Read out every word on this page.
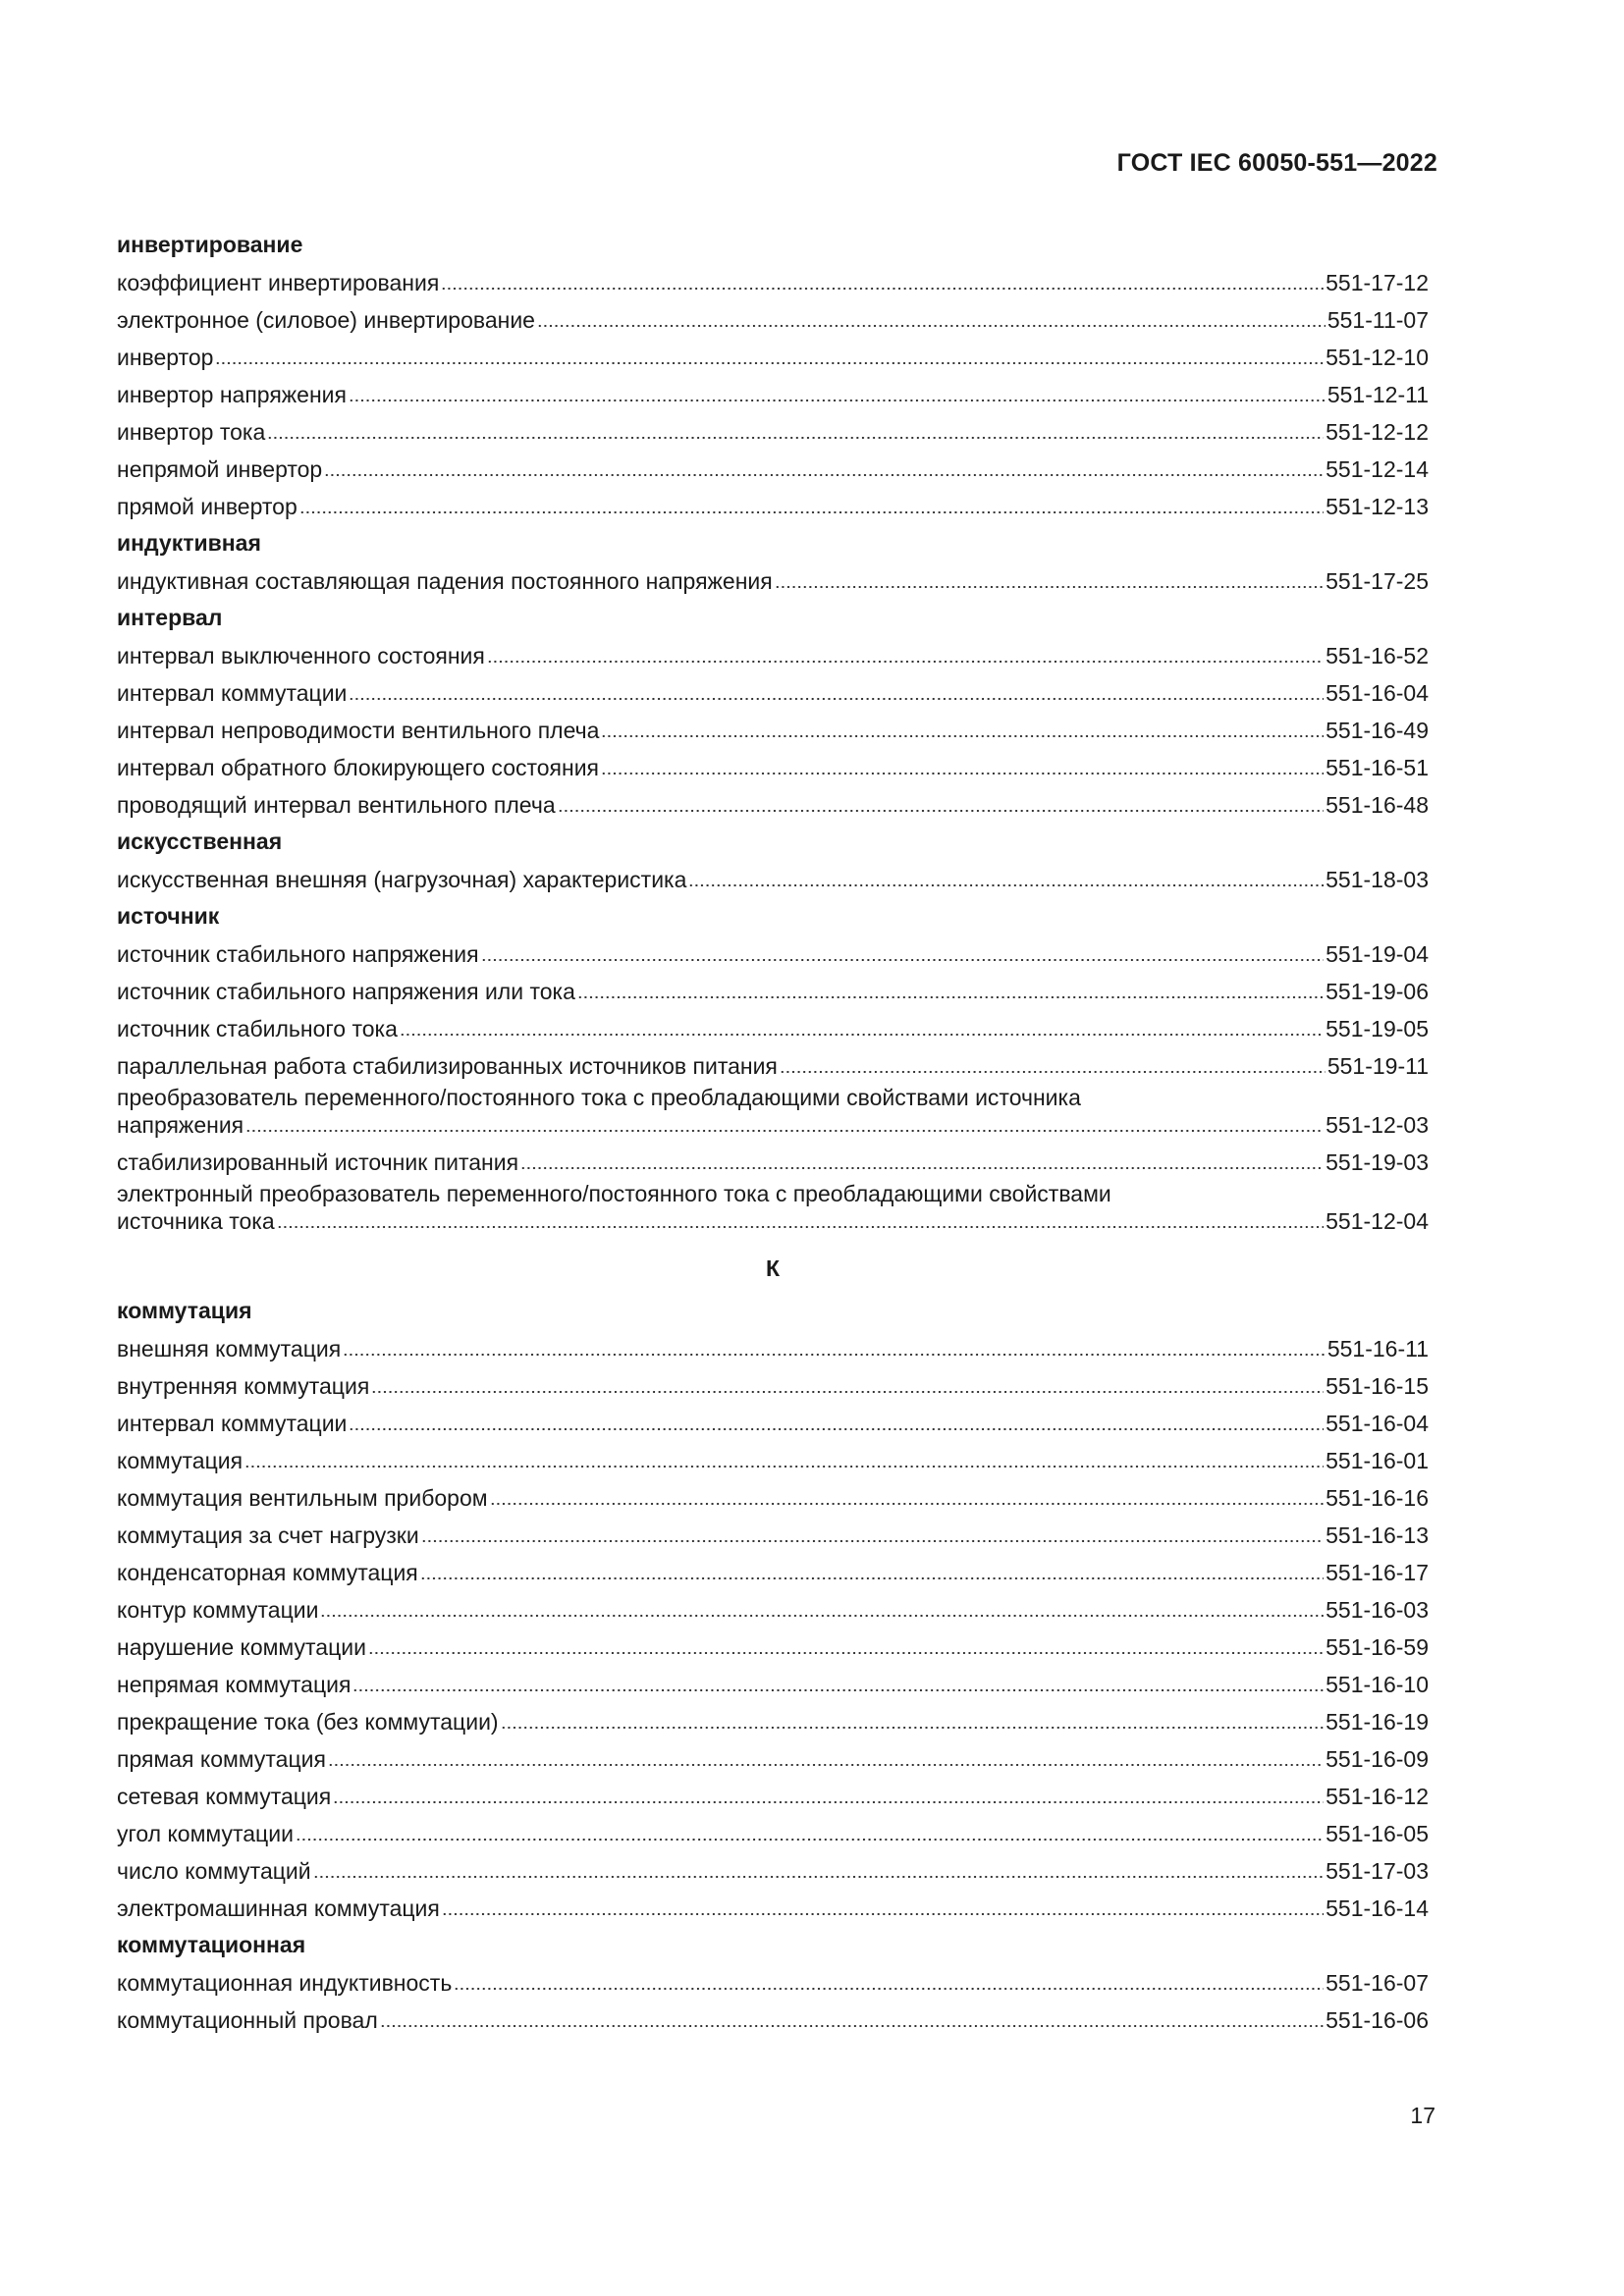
ГОСТ IEC 60050-551—2022
инвертирование
коэффициент инвертирования	551-17-12
электронное (силовое) инвертирование	551-11-07
инвертор	551-12-10
инвертор напряжения	551-12-11
инвертор тока	551-12-12
непрямой инвертор	551-12-14
прямой инвертор	551-12-13
индуктивная
индуктивная составляющая падения постоянного напряжения	551-17-25
интервал
интервал выключенного состояния	551-16-52
интервал коммутации	551-16-04
интервал непроводимости вентильного плеча	551-16-49
интервал обратного блокирующего состояния	551-16-51
проводящий интервал вентильного плеча	551-16-48
искусственная
искусственная внешняя (нагрузочная) характеристика	551-18-03
источник
источник стабильного напряжения	551-19-04
источник стабильного напряжения или тока	551-19-06
источник стабильного тока	551-19-05
параллельная работа стабилизированных источников питания	551-19-11
преобразователь переменного/постоянного тока с преобладающими свойствами источника
напряжения	551-12-03
стабилизированный источник питания	551-19-03
электронный преобразователь переменного/постоянного тока с преобладающими свойствами
источника тока	551-12-04
К
коммутация
внешняя коммутация	551-16-11
внутренняя коммутация	551-16-15
интервал коммутации	551-16-04
коммутация	551-16-01
коммутация вентильным прибором	551-16-16
коммутация за счет нагрузки	551-16-13
конденсаторная коммутация	551-16-17
контур коммутации	551-16-03
нарушение коммутации	551-16-59
непрямая коммутация	551-16-10
прекращение тока (без коммутации)	551-16-19
прямая коммутация	551-16-09
сетевая коммутация	551-16-12
угол коммутации	551-16-05
число коммутаций	551-17-03
электромашинная коммутация	551-16-14
коммутационная
коммутационная индуктивность	551-16-07
коммутационный провал	551-16-06
17
